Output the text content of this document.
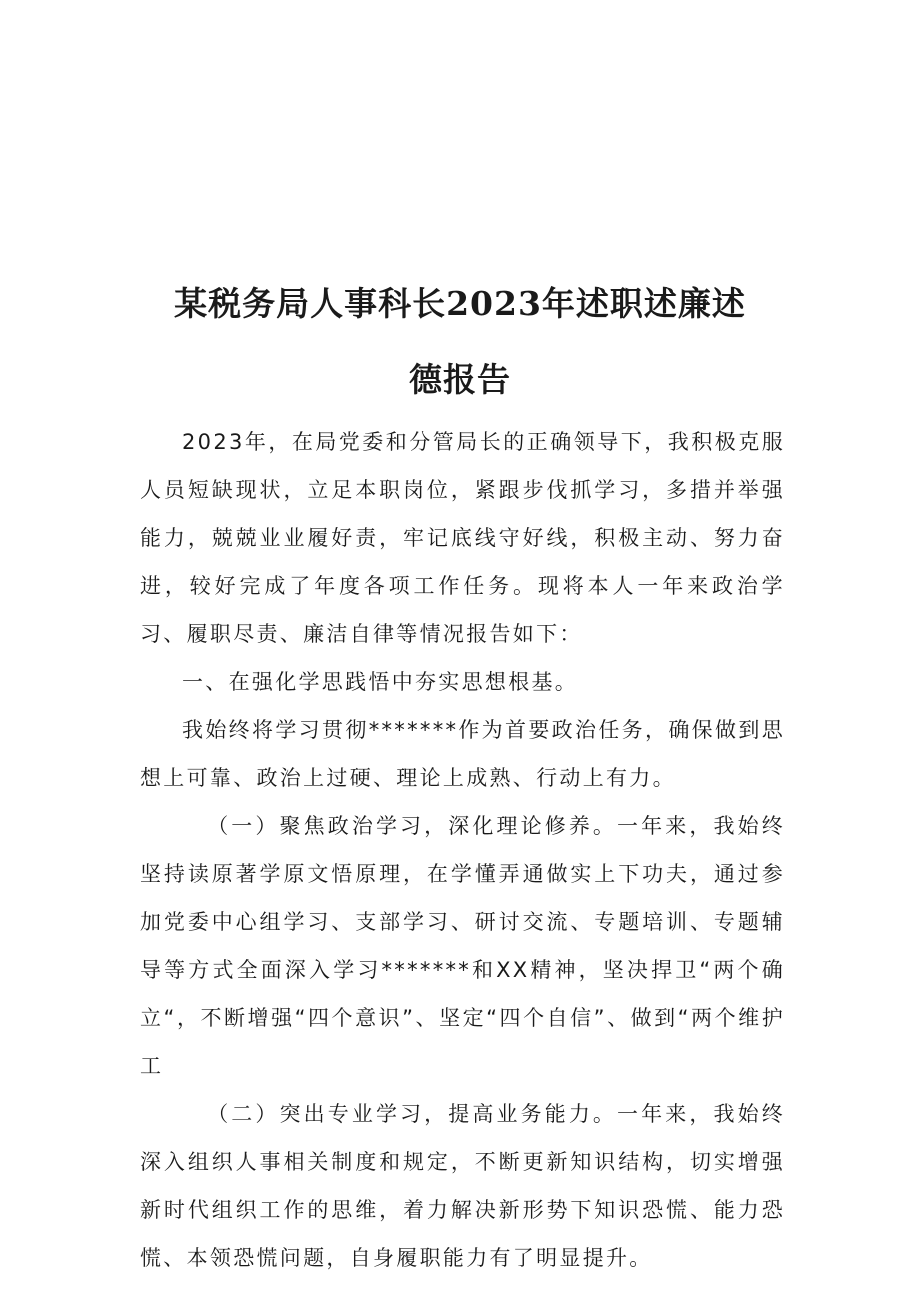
某税务局人事科长2023年述职述廉述
德报告

2023年，在局党委和分管局长的正确领导下，我积极克服人员短缺现状，立足本职岗位，紧跟步伐抓学习，多措并举强能力，兢兢业业履好责，牢记底线守好线，积极主动、努力奋进，较好完成了年度各项工作任务。现将本人一年来政治学习、履职尽责、廉洁自律等情况报告如下：

一、在强化学思践悟中夯实思想根基。

我始终将学习贯彻*******作为首要政治任务，确保做到思想上可靠、政治上过硬、理论上成熟、行动上有力。

（一）聚焦政治学习，深化理论修养。一年来，我始终坚持读原著学原文悟原理，在学懂弄通做实上下功夫，通过参加党委中心组学习、支部学习、研讨交流、专题培训、专题辅导等方式全面深入学习*******和XX精神，坚决捍卫“两个确立“，不断增强“四个意识”、坚定“四个自信”、做到“两个维护工

（二）突出专业学习，提高业务能力。一年来，我始终深入组织人事相关制度和规定，不断更新知识结构，切实增强新时代组织工作的思维，着力解决新形势下知识恐慌、能力恐慌、本领恐慌问题，自身履职能力有了明显提升。
